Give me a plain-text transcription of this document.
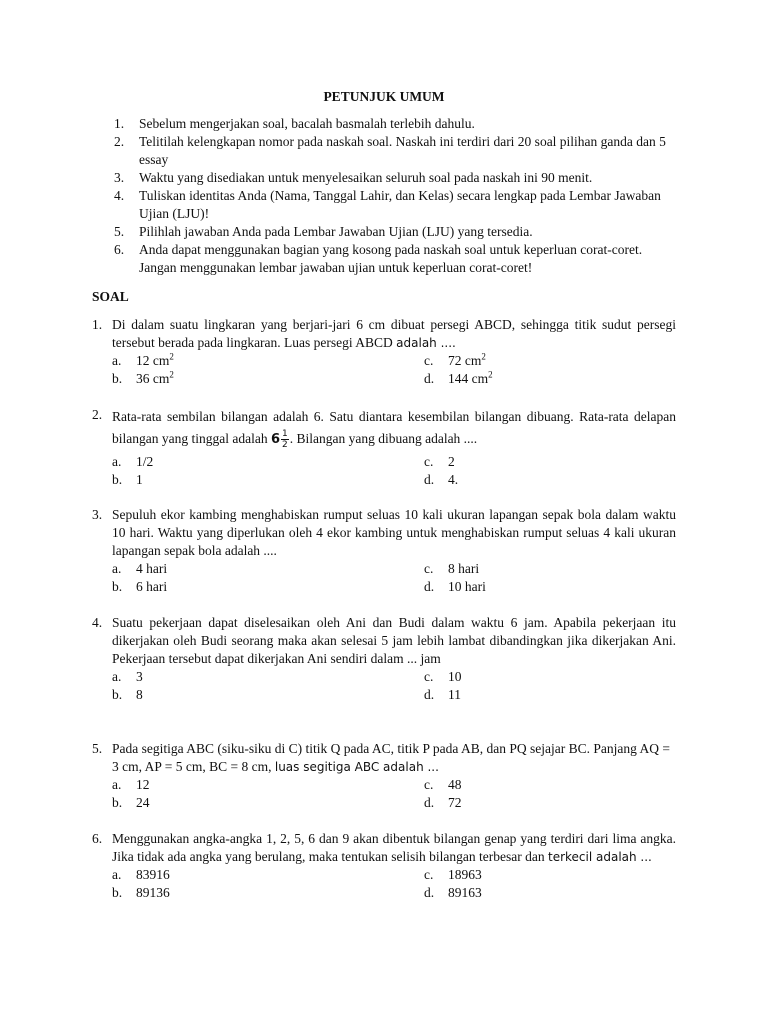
PETUNJUK UMUM
1.	Sebelum mengerjakan soal, bacalah basmalah terlebih dahulu.
2.	Telitilah kelengkapan nomor pada naskah soal. Naskah ini terdiri dari 20 soal pilihan ganda dan 5 essay
3.	Waktu yang disediakan untuk menyelesaikan seluruh soal pada naskah ini 90 menit.
4.	Tuliskan identitas Anda (Nama, Tanggal Lahir, dan Kelas) secara lengkap pada Lembar Jawaban Ujian (LJU)!
5.	Pilihlah jawaban Anda pada Lembar Jawaban Ujian (LJU) yang tersedia.
6.	Anda dapat menggunakan bagian yang kosong pada naskah soal untuk keperluan corat-coret. Jangan menggunakan lembar jawaban ujian untuk keperluan corat-coret!
SOAL
1. Di dalam suatu lingkaran yang berjari-jari 6 cm dibuat persegi ABCD, sehingga titik sudut persegi tersebut berada pada lingkaran. Luas persegi ABCD adalah ....
a.	12 $cm^2$	c.	72 $cm^2$
b.	36 $cm^2$	d.	144 $cm^2$
2. Rata-rata sembilan bilangan adalah 6. Satu diantara kesembilan bilangan dibuang. Rata-rata delapan bilangan yang tinggal adalah $6 \frac{1}{2}$ . Bilangan yang dibuang adalah ....
a.	1/2	c.	2
b.	1	d.	4.
3. Sepuluh ekor kambing menghabiskan rumput seluas 10 kali ukuran lapangan sepak bola dalam waktu 10 hari. Waktu yang diperlukan oleh 4 ekor kambing untuk menghabiskan rumput seluas 4 kali ukuran lapangan sepak bola adalah ....
a.	4 hari	c.	8 hari
b.	6 hari	d.	10 hari
4. Suatu pekerjaan dapat diselesaikan oleh Ani dan Budi dalam waktu 6 jam. Apabila pekerjaan itu dikerjakan oleh Budi seorang maka akan selesai 5 jam lebih lambat dibandingkan jika dikerjakan Ani. Pekerjaan tersebut dapat dikerjakan Ani sendiri dalam ... jam
a.	3	c.	10
b.	8	d.	11
5. Pada segitiga ABC (siku-siku di C) titik Q pada AC, titik P pada AB, dan PQ sejajar BC. Panjang AQ = 3 cm, AP = 5 cm, BC = 8 cm, luas segitiga ABC adalah ...
a.	12	c.	48
b.	24	d.	72
6. Menggunakan angka-angka 1, 2, 5, 6 dan 9 akan dibentuk bilangan genap yang terdiri dari lima angka. Jika tidak ada angka yang berulang, maka tentukan selisih bilangan terbesar dan terkecil adalah ...
a.	83916	c.	18963
b.	89136	d.	89163
